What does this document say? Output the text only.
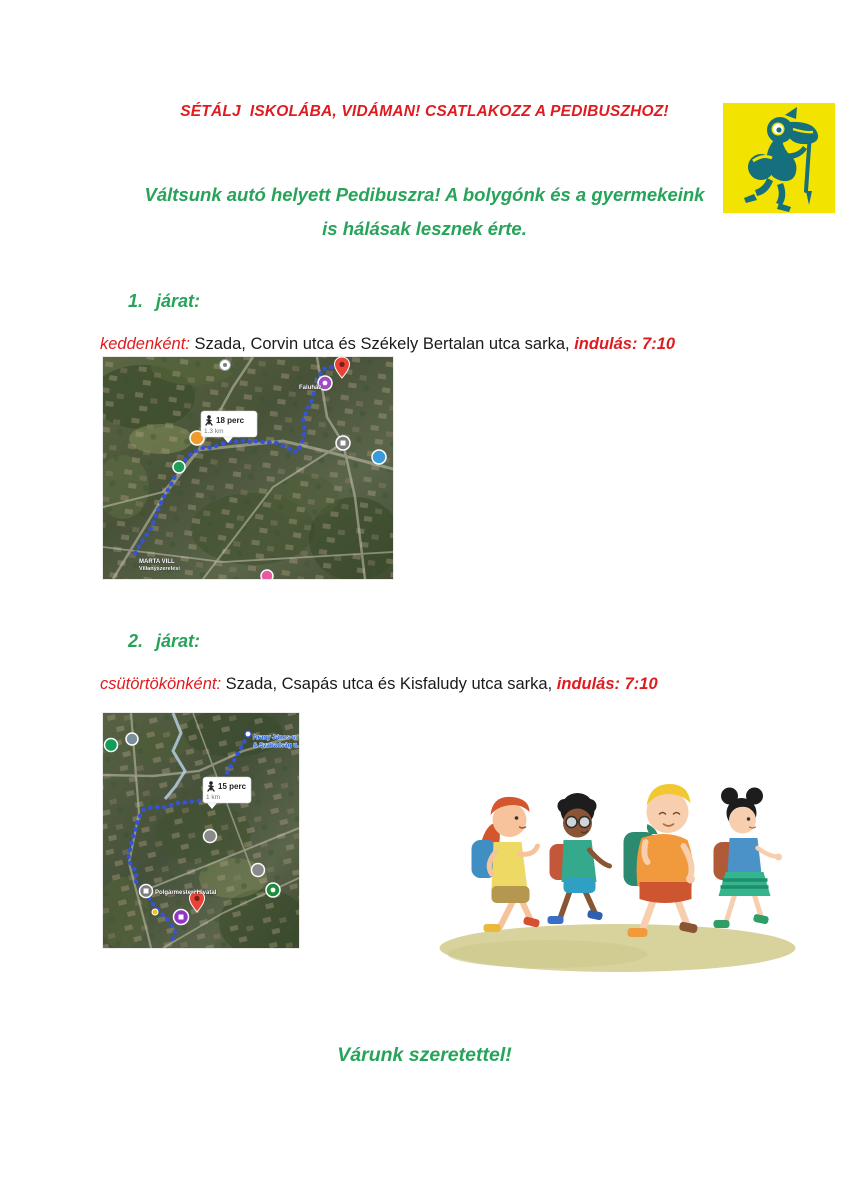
SÉTÁLJ  ISKOLÁBA, VIDÁMAN! CSATLAKOZZ A PEDIBUSZHOZ!
Váltsunk autó helyett Pedibuszra! A bolygónk és a gyermekeink
is hálásak lesznek érte.
1. járat:
keddenként: Szada, Corvin utca és Székely Bertalan utca sarka, indulás: 7:10
18 perc
1.3 km
MARTA VILL
Villanyszerelési
Faluház
2. járat:
csütörtökönként: Szada, Csapás utca és Kisfaludy utca sarka, indulás: 7:10
15 perc
1 km
Arany János u.
& Szabadság u.
Polgármesteri Hivatal
Várunk szeretettel!
